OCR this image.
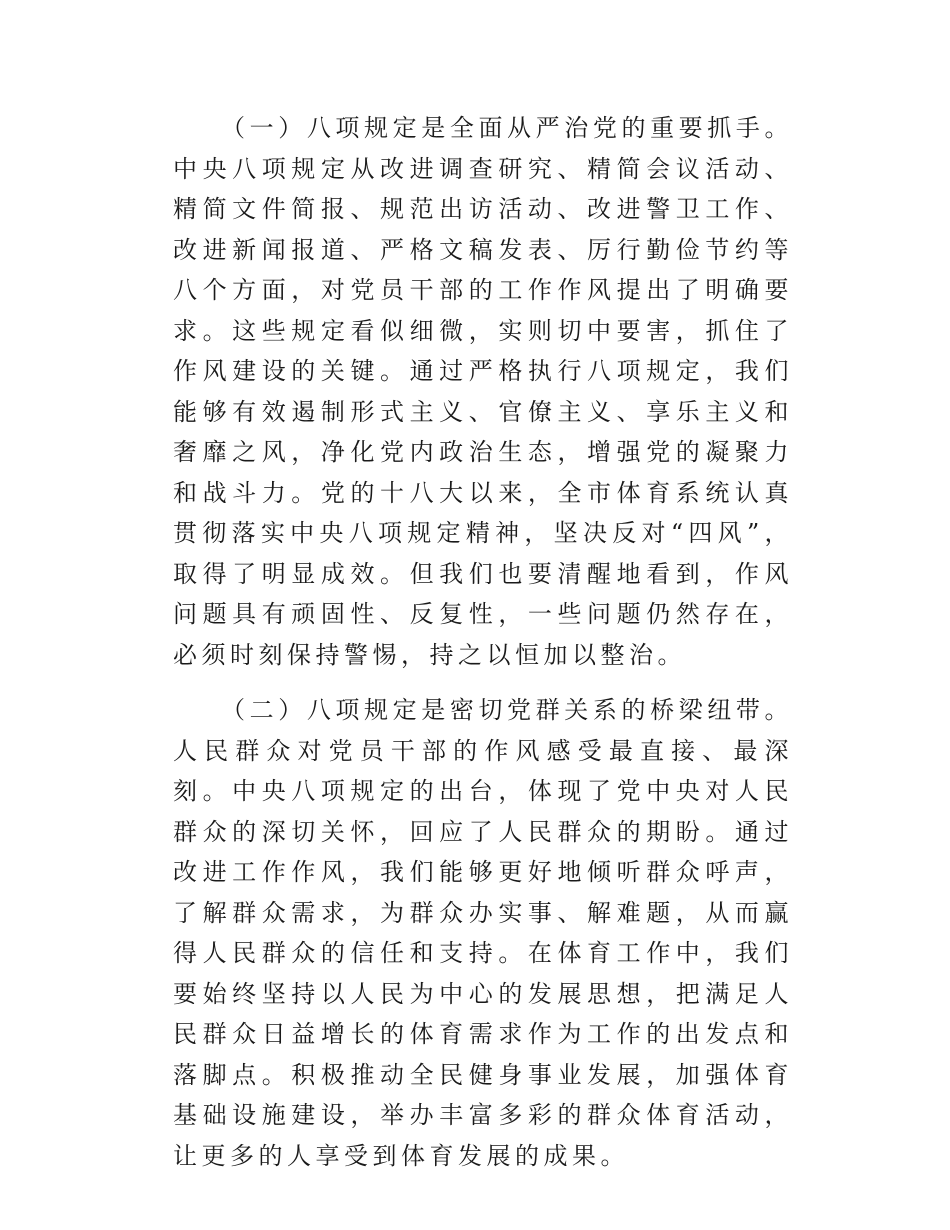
（一）八项规定是全面从严治党的重要抓手。中央八项规定从改进调查研究、精简会议活动、精简文件简报、规范出访活动、改进警卫工作、改进新闻报道、严格文稿发表、厉行勤俭节约等八个方面，对党员干部的工作作风提出了明确要求。这些规定看似细微，实则切中要害，抓住了作风建设的关键。通过严格执行八项规定，我们能够有效遏制形式主义、官僚主义、享乐主义和奢靡之风，净化党内政治生态，增强党的凝聚力和战斗力。党的十八大以来，全市体育系统认真贯彻落实中央八项规定精神，坚决反对“四风”，取得了明显成效。但我们也要清醒地看到，作风问题具有顽固性、反复性，一些问题仍然存在，必须时刻保持警惕，持之以恒加以整治。

（二）八项规定是密切党群关系的桥梁纽带。人民群众对党员干部的作风感受最直接、最深刻。中央八项规定的出台，体现了党中央对人民群众的深切关怀，回应了人民群众的期盼。通过改进工作作风，我们能够更好地倾听群众呼声，了解群众需求，为群众办实事、解难题，从而赢得人民群众的信任和支持。在体育工作中，我们要始终坚持以人民为中心的发展思想，把满足人民群众日益增长的体育需求作为工作的出发点和落脚点。积极推动全民健身事业发展，加强体育基础设施建设，举办丰富多彩的群众体育活动，让更多的人享受到体育发展的成果。
